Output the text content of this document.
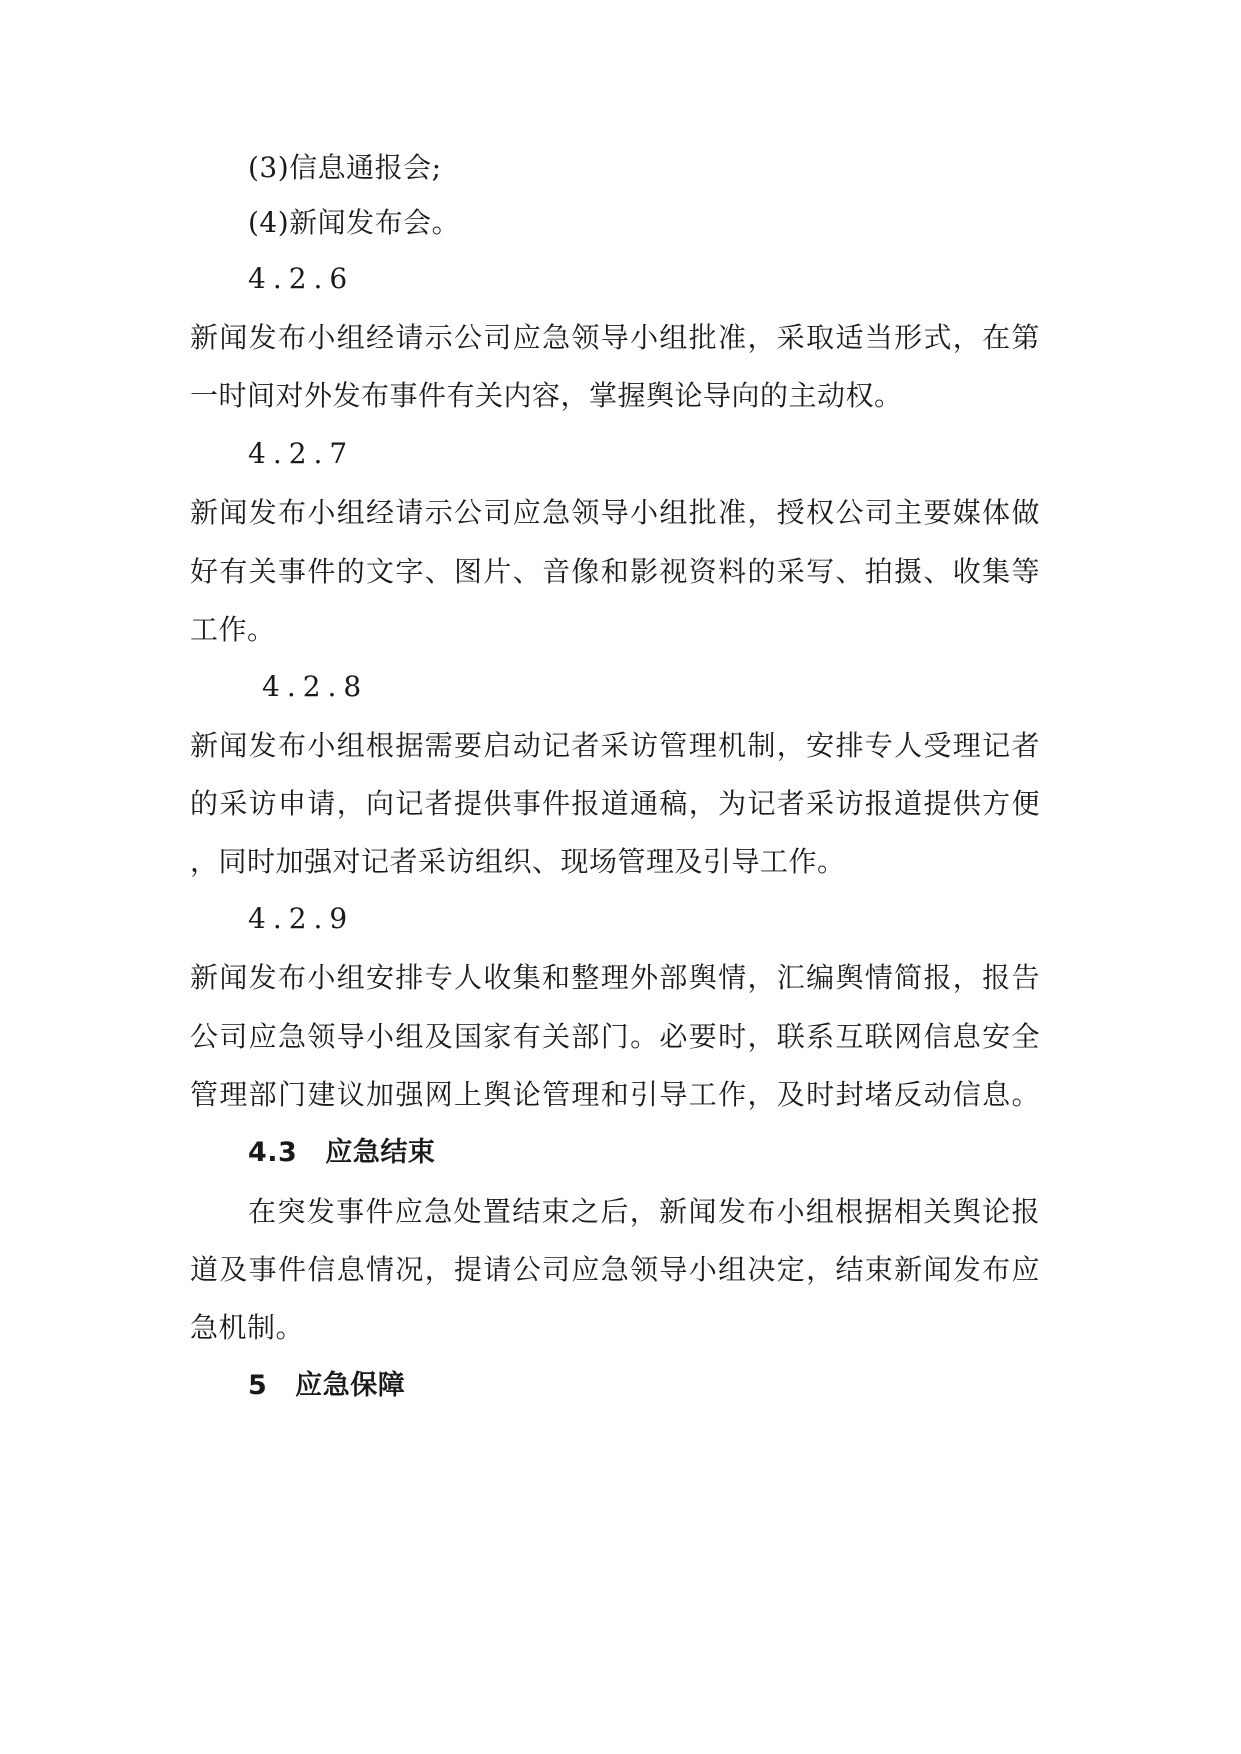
(3)信息通报会;
(4)新闻发布会。
4.2.6
新闻发布小组经请示公司应急领导小组批准，采取适当形式，在第
一时间对外发布事件有关内容，掌握舆论导向的主动权。
4.2.7
新闻发布小组经请示公司应急领导小组批准，授权公司主要媒体做
好有关事件的文字、图片、音像和影视资料的采写、拍摄、收集等
工作。
4.2.8
新闻发布小组根据需要启动记者采访管理机制，安排专人受理记者
的采访申请，向记者提供事件报道通稿，为记者采访报道提供方便
，同时加强对记者采访组织、现场管理及引导工作。
4.2.9
新闻发布小组安排专人收集和整理外部舆情，汇编舆情简报，报告
公司应急领导小组及国家有关部门。必要时，联系互联网信息安全
管理部门建议加强网上舆论管理和引导工作，及时封堵反动信息。
4.3 应急结束
在突发事件应急处置结束之后，新闻发布小组根据相关舆论报
道及事件信息情况，提请公司应急领导小组决定，结束新闻发布应
急机制。
5 应急保障
